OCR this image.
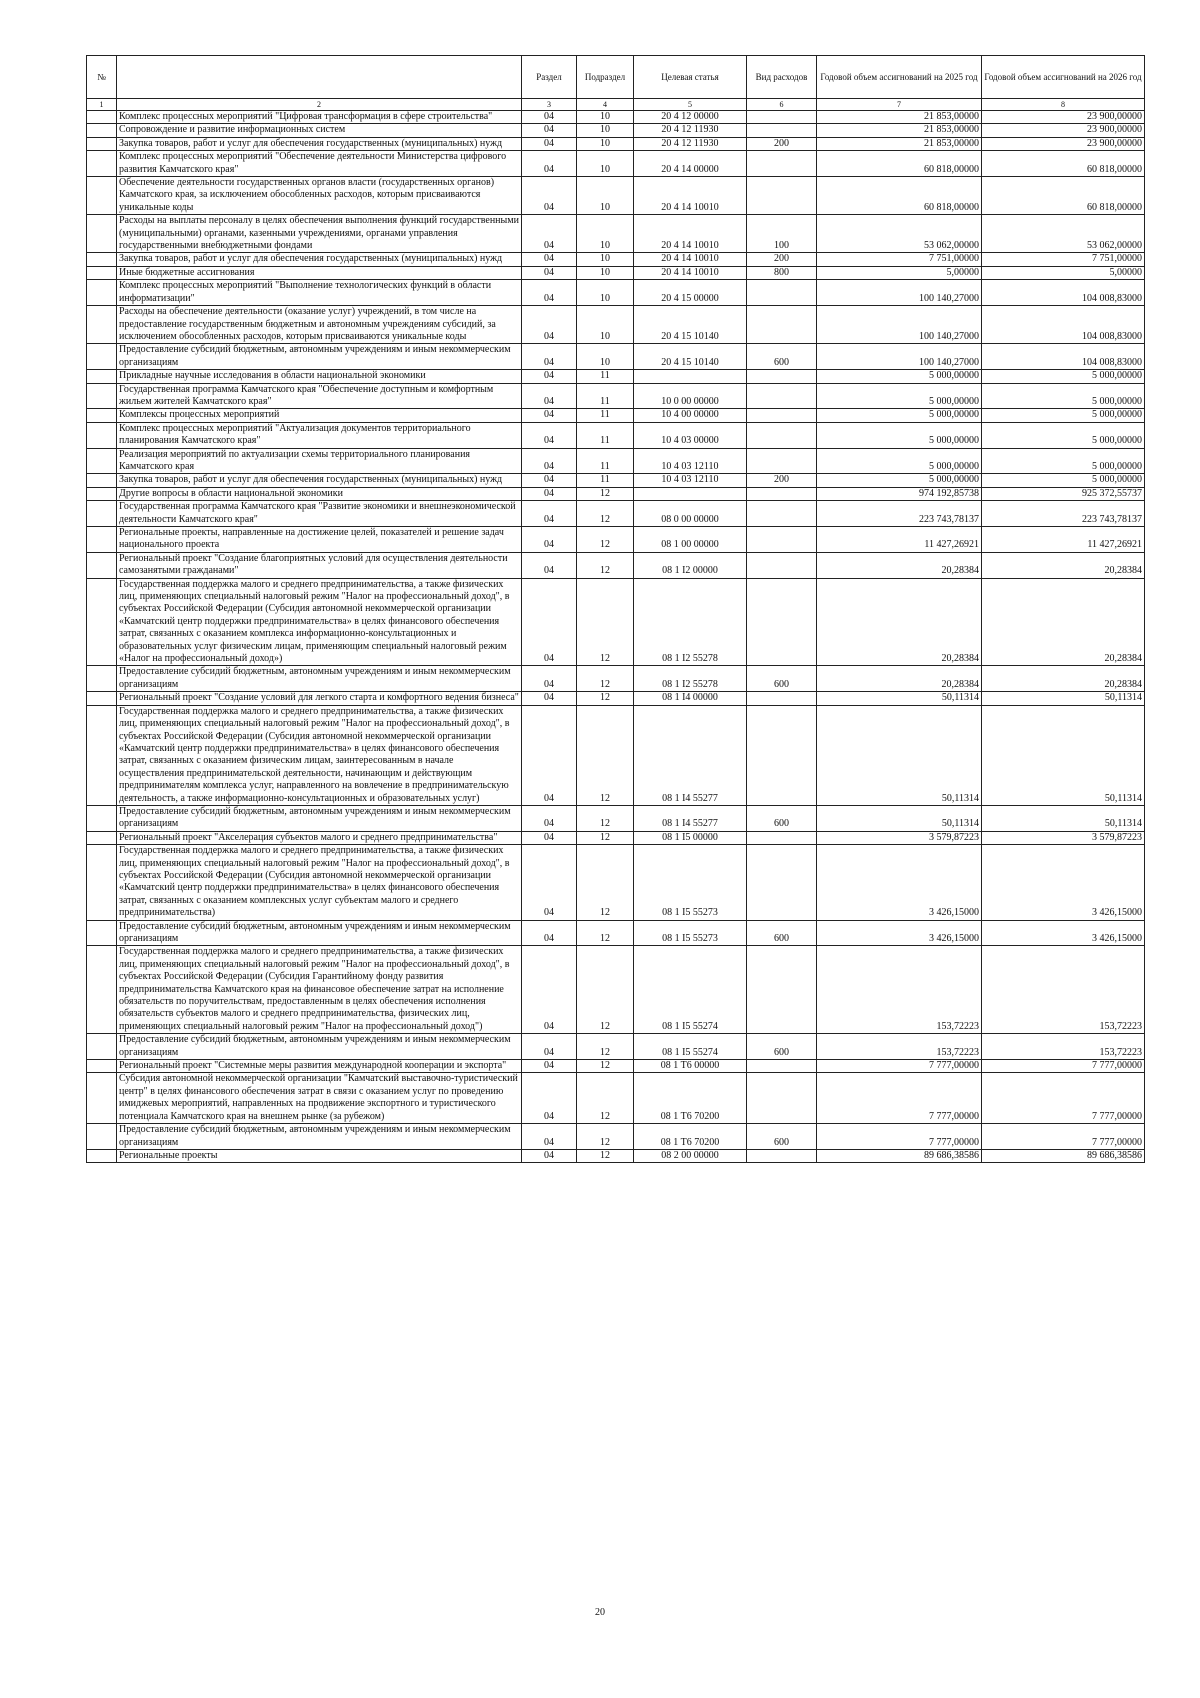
№		Раздел	Подраздел	Целевая статья	Вид расходов	Годовой объем ассигнований на 2025 год	Годовой объем ассигнований на 2026 год
1	2	3	4	5	6	7	8
	Комплекс процессных мероприятий "Цифровая трансформация в сфере строительства"	04	10	20 4 12 00000		21 853,00000	23 900,00000
	Сопровождение и развитие информационных систем	04	10	20 4 12 11930		21 853,00000	23 900,00000
	Закупка товаров, работ и услуг для обеспечения государственных (муниципальных) нужд	04	10	20 4 12 11930	200	21 853,00000	23 900,00000
	Комплекс процессных мероприятий "Обеспечение деятельности Министерства цифрового развития Камчатского края"	04	10	20 4 14 00000		60 818,00000	60 818,00000
	Обеспечение деятельности государственных органов власти (государственных органов) Камчатского края, за исключением обособленных расходов, которым присваиваются уникальные коды	04	10	20 4 14 10010		60 818,00000	60 818,00000
	Расходы на выплаты персоналу в целях обеспечения выполнения функций государственными (муниципальными) органами, казенными учреждениями, органами управления государственными внебюджетными фондами	04	10	20 4 14 10010	100	53 062,00000	53 062,00000
	Закупка товаров, работ и услуг для обеспечения государственных (муниципальных) нужд	04	10	20 4 14 10010	200	7 751,00000	7 751,00000
	Иные бюджетные ассигнования	04	10	20 4 14 10010	800	5,00000	5,00000
	Комплекс процессных мероприятий "Выполнение технологических функций в области информатизации"	04	10	20 4 15 00000		100 140,27000	104 008,83000
	Расходы на обеспечение деятельности (оказание услуг) учреждений, в том числе на предоставление государственным бюджетным и автономным учреждениям субсидий, за исключением обособленных расходов, которым присваиваются уникальные коды	04	10	20 4 15 10140		100 140,27000	104 008,83000
	Предоставление субсидий бюджетным, автономным учреждениям и иным некоммерческим организациям	04	10	20 4 15 10140	600	100 140,27000	104 008,83000
	Прикладные научные исследования в области национальной экономики	04	11			5 000,00000	5 000,00000
	Государственная программа Камчатского края "Обеспечение доступным и комфортным жильем жителей Камчатского края"	04	11	10 0 00 00000		5 000,00000	5 000,00000
	Комплексы процессных мероприятий	04	11	10 4 00 00000		5 000,00000	5 000,00000
	Комплекс процессных мероприятий "Актуализация документов территориального планирования Камчатского края"	04	11	10 4 03 00000		5 000,00000	5 000,00000
	Реализация мероприятий по актуализации схемы территориального планирования Камчатского края	04	11	10 4 03 12110		5 000,00000	5 000,00000
	Закупка товаров, работ и услуг для обеспечения государственных (муниципальных) нужд	04	11	10 4 03 12110	200	5 000,00000	5 000,00000
	Другие вопросы в области национальной экономики	04	12			974 192,85738	925 372,55737
	Государственная программа Камчатского края "Развитие экономики и внешнеэкономической деятельности Камчатского края"	04	12	08 0 00 00000		223 743,78137	223 743,78137
	Региональные проекты, направленные на достижение целей, показателей и решение задач национального проекта	04	12	08 1 00 00000		11 427,26921	11 427,26921
	Региональный проект "Создание благоприятных условий для осуществления деятельности самозанятыми гражданами"	04	12	08 1 I2 00000		20,28384	20,28384
	Государственная поддержка малого и среднего предпринимательства, а также физических лиц, применяющих специальный налоговый режим "Налог на профессиональный доход", в субъектах Российской Федерации (Субсидия автономной некоммерческой организации «Камчатский центр поддержки предпринимательства» в целях финансового обеспечения затрат, связанных с оказанием комплекса информационно-консультационных и образовательных услуг физическим лицам, применяющим специальный налоговый режим «Налог на профессиональный доход»)	04	12	08 1 I2 55278		20,28384	20,28384
	Предоставление субсидий бюджетным, автономным учреждениям и иным некоммерческим организациям	04	12	08 1 I2 55278	600	20,28384	20,28384
	Региональный проект "Создание условий для легкого старта и комфортного ведения бизнеса"	04	12	08 1 I4 00000		50,11314	50,11314
	Государственная поддержка малого и среднего предпринимательства, а также физических лиц, применяющих специальный налоговый режим "Налог на профессиональный доход", в субъектах Российской Федерации (Субсидия автономной некоммерческой организации «Камчатский центр поддержки предпринимательства» в целях финансового обеспечения затрат, связанных с оказанием физическим лицам, заинтересованным в начале осуществления предпринимательской деятельности, начинающим и действующим предпринимателям комплекса услуг, направленного на вовлечение в предпринимательскую деятельность, а также информационно-консультационных и образовательных услуг)	04	12	08 1 I4 55277		50,11314	50,11314
	Предоставление субсидий бюджетным, автономным учреждениям и иным некоммерческим организациям	04	12	08 1 I4 55277	600	50,11314	50,11314
	Региональный проект "Акселерация субъектов малого и среднего предпринимательства"	04	12	08 1 I5 00000		3 579,87223	3 579,87223
	Государственная поддержка малого и среднего предпринимательства, а также физических лиц, применяющих специальный налоговый режим "Налог на профессиональный доход", в субъектах Российской Федерации (Субсидия автономной некоммерческой организации «Камчатский центр поддержки предпринимательства» в целях финансового обеспечения затрат, связанных с оказанием комплексных услуг субъектам малого и среднего предпринимательства)	04	12	08 1 I5 55273		3 426,15000	3 426,15000
	Предоставление субсидий бюджетным, автономным учреждениям и иным некоммерческим организациям	04	12	08 1 I5 55273	600	3 426,15000	3 426,15000
	Государственная поддержка малого и среднего предпринимательства, а также физических лиц, применяющих специальный налоговый режим "Налог на профессиональный доход", в субъектах Российской Федерации (Субсидия Гарантийному фонду развития предпринимательства Камчатского края на финансовое обеспечение затрат на исполнение обязательств по поручительствам, предоставленным в целях обеспечения исполнения обязательств субъектов малого и среднего предпринимательства, физических лиц, применяющих специальный налоговый режим "Налог на профессиональный доход")	04	12	08 1 I5 55274		153,72223	153,72223
	Предоставление субсидий бюджетным, автономным учреждениям и иным некоммерческим организациям	04	12	08 1 I5 55274	600	153,72223	153,72223
	Региональный проект "Системные меры развития международной кооперации и экспорта"	04	12	08 1 T6 00000		7 777,00000	7 777,00000
	Субсидия автономной некоммерческой организации "Камчатский выставочно-туристический центр" в целях финансового обеспечения затрат в связи с оказанием услуг по проведению имиджевых мероприятий, направленных на продвижение экспортного и туристического потенциала Камчатского края на внешнем рынке (за рубежом)	04	12	08 1 T6 70200		7 777,00000	7 777,00000
	Предоставление субсидий бюджетным, автономным учреждениям и иным некоммерческим организациям	04	12	08 1 T6 70200	600	7 777,00000	7 777,00000
	Региональные проекты	04	12	08 2 00 00000		89 686,38586	89 686,38586
20
